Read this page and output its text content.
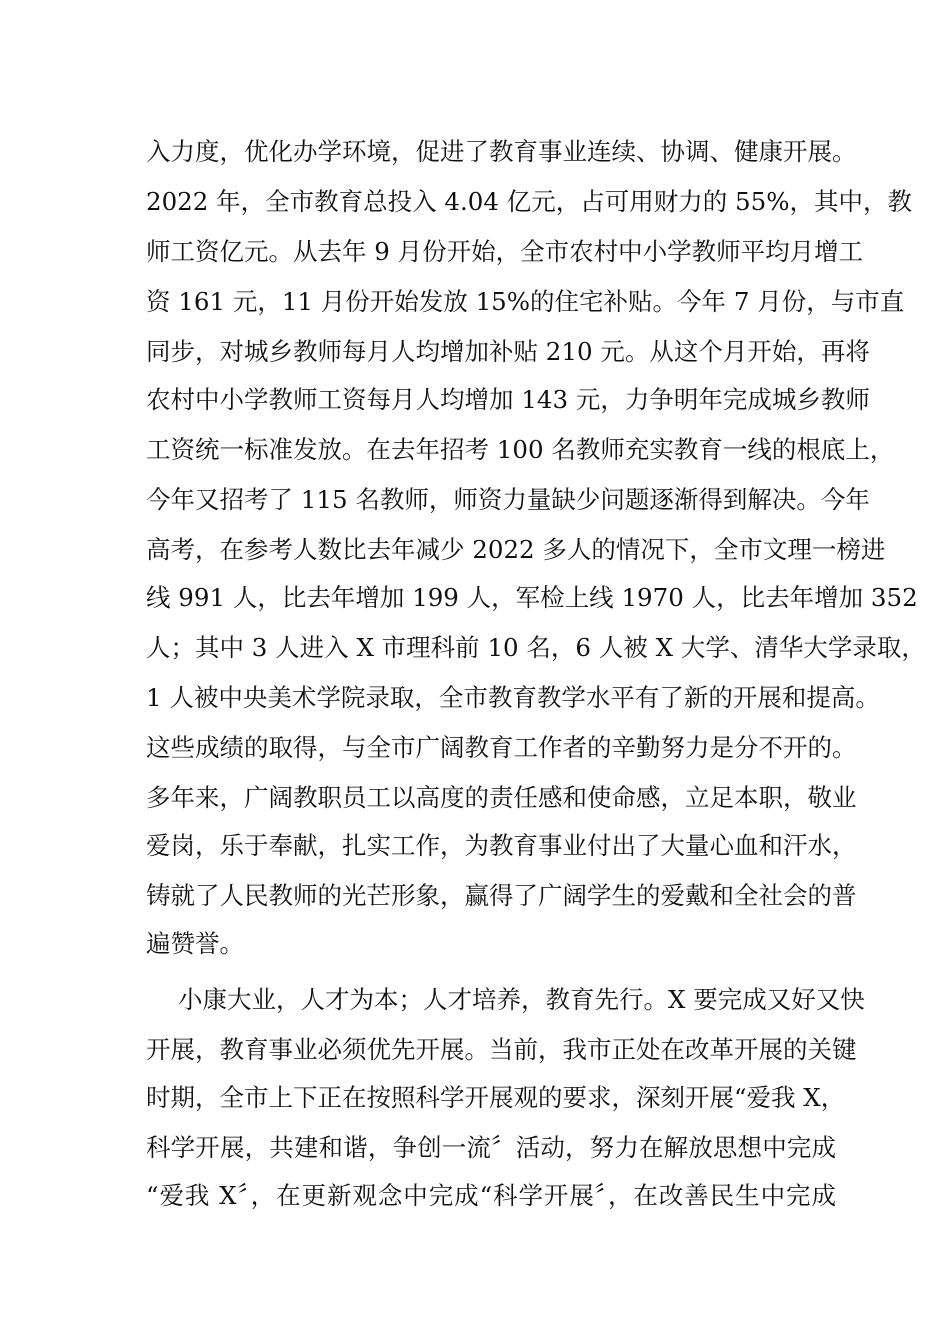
入力度，优化办学环境，促进了教育事业连续、协调、健康开展。
2022 年，全市教育总投入 4.04 亿元，占可用财力的 55%，其中，教
师工资亿元。从去年 9 月份开始，全市农村中小学教师平均月增工
资 161 元，11 月份开始发放 15%的住宅补贴。今年 7 月份，与市直
同步，对城乡教师每月人均增加补贴 210 元。从这个月开始，再将
农村中小学教师工资每月人均增加 143 元，力争明年完成城乡教师
工资统一标准发放。在去年招考 100 名教师充实教育一线的根底上，
今年又招考了 115 名教师，师资力量缺少问题逐渐得到解决。今年
高考，在参考人数比去年减少 2022 多人的情况下，全市文理一榜进
线 991 人，比去年增加 199 人，军检上线 1970 人，比去年增加 352
人；其中 3 人进入 X 市理科前 10 名，6 人被 X 大学、清华大学录取，
1 人被中央美术学院录取，全市教育教学水平有了新的开展和提高。
这些成绩的取得，与全市广阔教育工作者的辛勤努力是分不开的。
多年来，广阔教职员工以高度的责任感和使命感，立足本职，敬业
爱岗，乐于奉献，扎实工作，为教育事业付出了大量心血和汗水，
铸就了人民教师的光芒形象，赢得了广阔学生的爱戴和全社会的普
遍赞誉。
小康大业，人才为本；人才培养，教育先行。X 要完成又好又快
开展，教育事业必须优先开展。当前，我市正处在改革开展的关键
时期，全市上下正在按照科学开展观的要求，深刻开展“爱我 X，
科学开展，共建和谐，争创一流〞活动，努力在解放思想中完成
“爱我 X〞，在更新观念中完成“科学开展〞，在改善民生中完成
